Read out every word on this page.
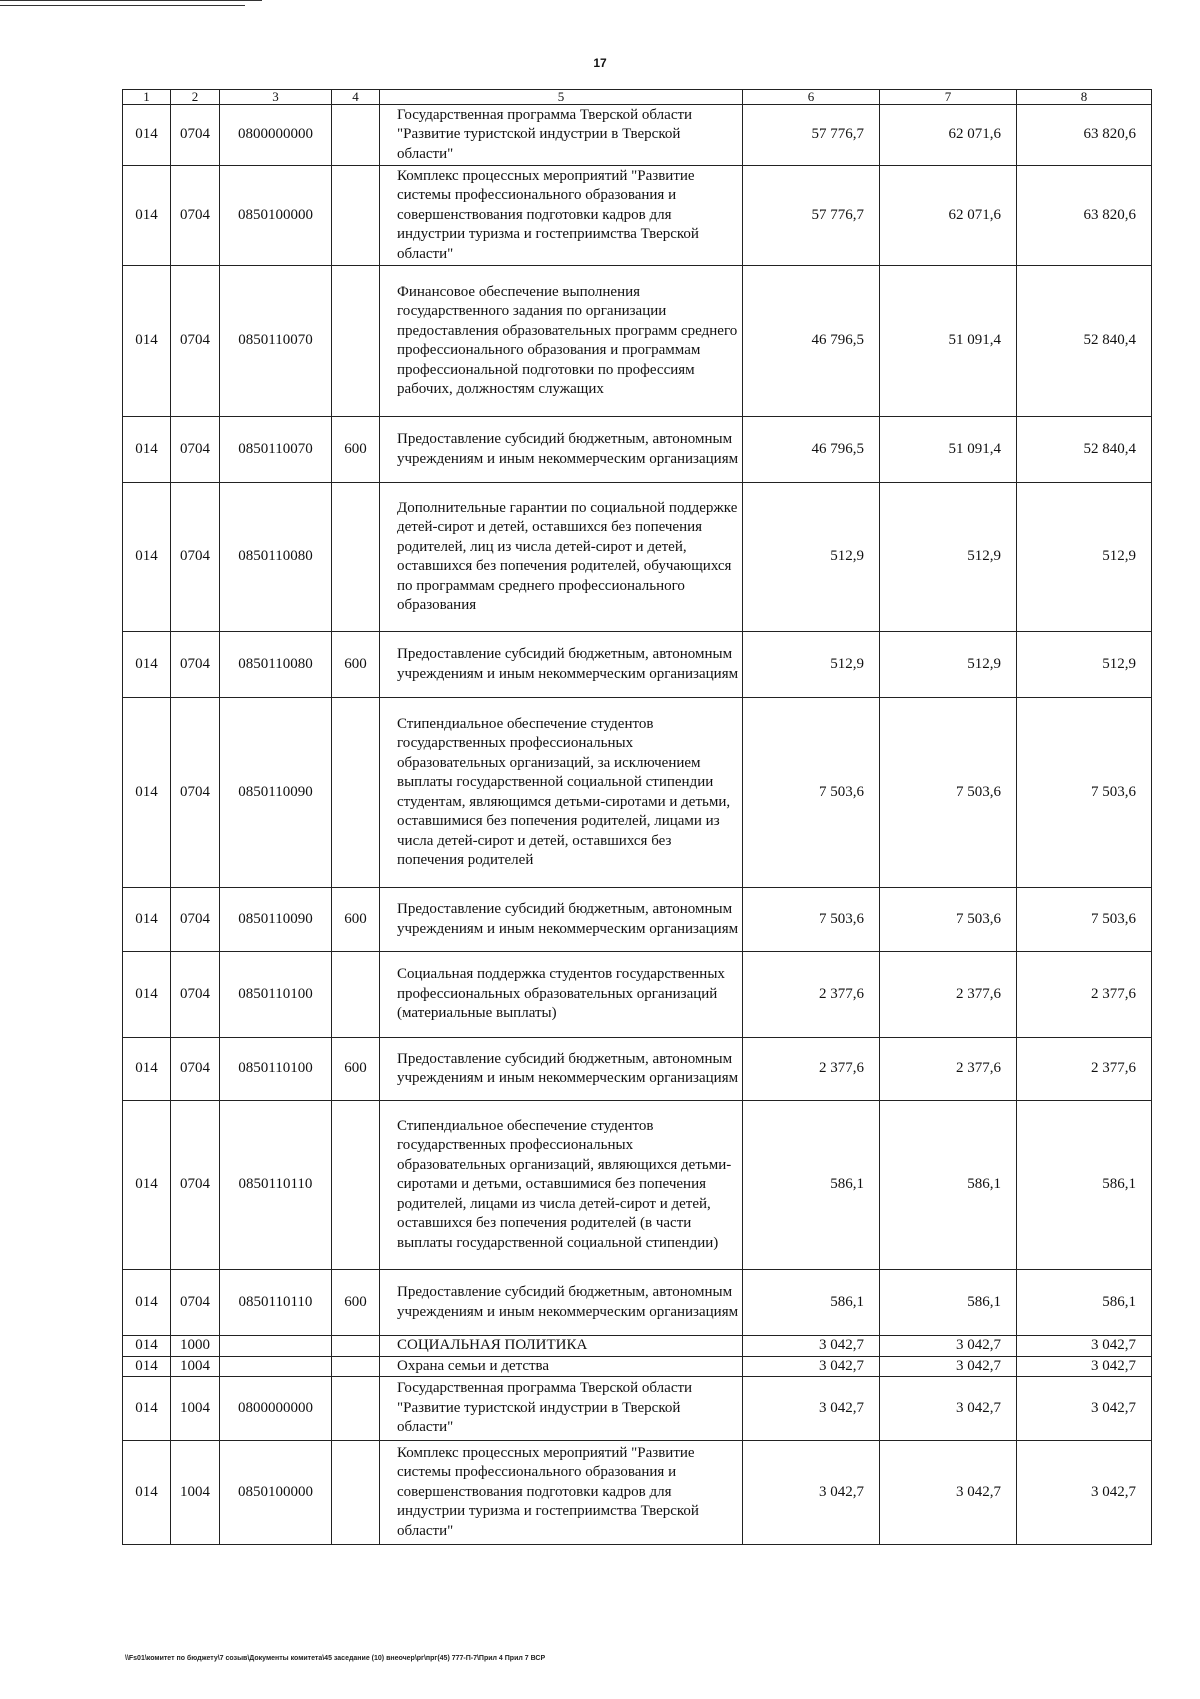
17
1	2	3	4	5	6	7	8
014	0704	0800000000		Государственная программа Тверской области "Развитие туристской индустрии в Тверской области"	57 776,7	62 071,6	63 820,6
014	0704	0850100000		Комплекс процессных мероприятий "Развитие системы профессионального образования и совершенствования подготовки кадров для индустрии туризма и гостеприимства Тверской области"	57 776,7	62 071,6	63 820,6
014	0704	0850110070		Финансовое обеспечение выполнения государственного задания по организации предоставления образовательных программ среднего профессионального образования и программам профессиональной подготовки по профессиям рабочих, должностям служащих	46 796,5	51 091,4	52 840,4
014	0704	0850110070	600	Предоставление субсидий бюджетным, автономным учреждениям и иным некоммерческим организациям	46 796,5	51 091,4	52 840,4
014	0704	0850110080		Дополнительные гарантии по социальной поддержке детей-сирот и детей, оставшихся без попечения родителей, лиц из числа детей-сирот и детей, оставшихся без попечения родителей, обучающихся по программам среднего профессионального образования	512,9	512,9	512,9
014	0704	0850110080	600	Предоставление субсидий бюджетным, автономным учреждениям и иным некоммерческим организациям	512,9	512,9	512,9
014	0704	0850110090		Стипендиальное обеспечение студентов государственных профессиональных образовательных организаций, за исключением выплаты государственной социальной стипендии студентам, являющимся детьми-сиротами и детьми, оставшимися без попечения родителей, лицами из числа детей-сирот и детей, оставшихся без попечения родителей	7 503,6	7 503,6	7 503,6
014	0704	0850110090	600	Предоставление субсидий бюджетным, автономным учреждениям и иным некоммерческим организациям	7 503,6	7 503,6	7 503,6
014	0704	0850110100		Социальная поддержка студентов государственных профессиональных образовательных организаций (материальные выплаты)	2 377,6	2 377,6	2 377,6
014	0704	0850110100	600	Предоставление субсидий бюджетным, автономным учреждениям и иным некоммерческим организациям	2 377,6	2 377,6	2 377,6
014	0704	0850110110		Стипендиальное обеспечение студентов государственных профессиональных образовательных организаций, являющихся детьми-сиротами и детьми, оставшимися без попечения родителей, лицами из числа детей-сирот и детей, оставшихся без попечения родителей (в части выплаты государственной социальной стипендии)	586,1	586,1	586,1
014	0704	0850110110	600	Предоставление субсидий бюджетным, автономным учреждениям и иным некоммерческим организациям	586,1	586,1	586,1
014	1000			СОЦИАЛЬНАЯ ПОЛИТИКА	3 042,7	3 042,7	3 042,7
014	1004			Охрана семьи и детства	3 042,7	3 042,7	3 042,7
014	1004	0800000000		Государственная программа Тверской области "Развитие туристской индустрии в Тверской области"	3 042,7	3 042,7	3 042,7
014	1004	0850100000		Комплекс процессных мероприятий "Развитие системы профессионального образования и совершенствования подготовки кадров для индустрии туризма и гостеприимства Тверской области"	3 042,7	3 042,7	3 042,7
\\Fs01\комитет по бюджету\7 созыв\Документы комитета\45 заседание (10) внеочер\рг\прг(45) 777-П-7\Прил 4 Прил 7 ВСР
